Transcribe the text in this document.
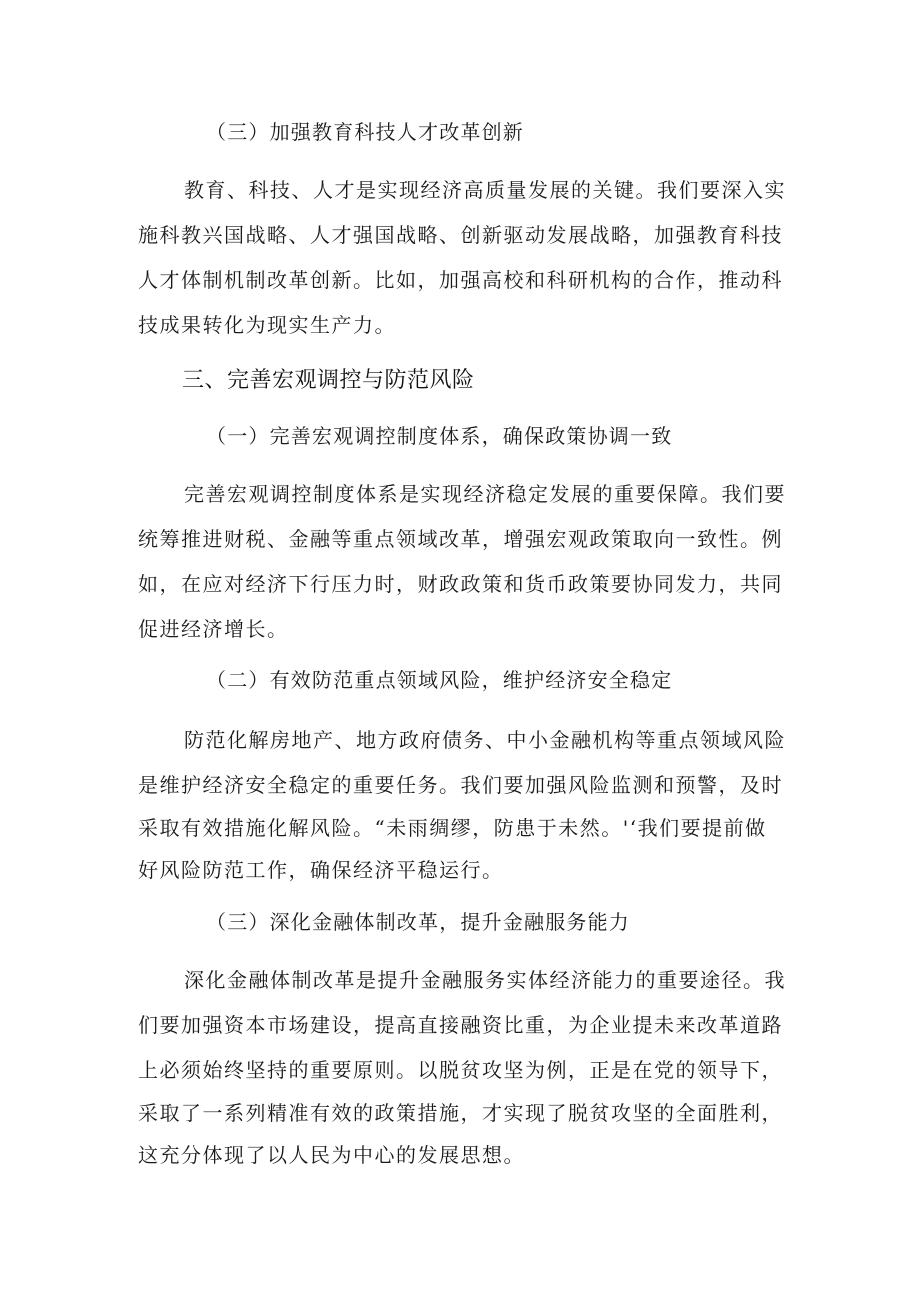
（三）加强教育科技人才改革创新
教育、科技、人才是实现经济高质量发展的关键。我们要深入实
施科教兴国战略、人才强国战略、创新驱动发展战略，加强教育科技
人才体制机制改革创新。比如，加强高校和科研机构的合作，推动科
技成果转化为现实生产力。
三、完善宏观调控与防范风险
（一）完善宏观调控制度体系，确保政策协调一致
完善宏观调控制度体系是实现经济稳定发展的重要保障。我们要
统筹推进财税、金融等重点领域改革，增强宏观政策取向一致性。例
如，在应对经济下行压力时，财政政策和货币政策要协同发力，共同
促进经济增长。
（二）有效防范重点领域风险，维护经济安全稳定
防范化解房地产、地方政府债务、中小金融机构等重点领域风险
是维护经济安全稳定的重要任务。我们要加强风险监测和预警，及时
采取有效措施化解风险。“未雨绸缪，防患于未然。'‘我们要提前做
好风险防范工作，确保经济平稳运行。
（三）深化金融体制改革，提升金融服务能力
深化金融体制改革是提升金融服务实体经济能力的重要途径。我
们要加强资本市场建设，提高直接融资比重，为企业提未来改革道路
上必须始终坚持的重要原则。以脱贫攻坚为例，正是在党的领导下，
采取了一系列精准有效的政策措施，才实现了脱贫攻坚的全面胜利，
这充分体现了以人民为中心的发展思想。
